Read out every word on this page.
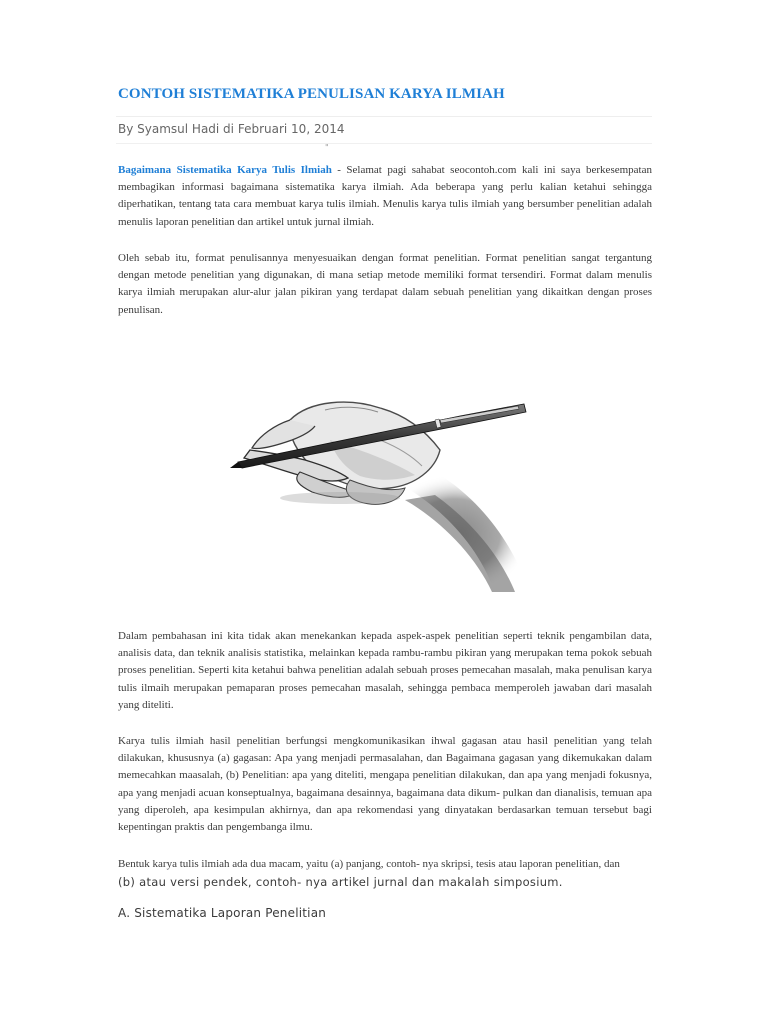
CONTOH SISTEMATIKA PENULISAN KARYA ILMIAH
By Syamsul Hadi di Februari 10, 2014
"

Bagaimana Sistematika Karya Tulis Ilmiah - Selamat pagi sahabat seocontoh.com kali ini saya berkesempatan membagikan informasi bagaimana sistematika karya ilmiah. Ada beberapa yang perlu kalian ketahui sehingga diperhatikan, tentang tata cara membuat karya tulis ilmiah. Menulis karya tulis ilmiah yang bersumber penelitian adalah menulis laporan penelitian dan artikel untuk jurnal ilmiah.

Oleh sebab itu, format penulisannya menyesuaikan dengan format penelitian. Format penelitian sangat tergantung dengan metode penelitian yang digunakan, di mana setiap metode memiliki format tersendiri. Format dalam menulis karya ilmiah merupakan alur-alur jalan pikiran yang terdapat dalam sebuah penelitian yang dikaitkan dengan proses penulisan.

Dalam pembahasan ini kita tidak akan menekankan kepada aspek-aspek penelitian seperti teknik pengambilan data, analisis data, dan teknik analisis statistika, melainkan kepada rambu-rambu pikiran yang merupakan tema pokok sebuah proses penelitian. Seperti kita ketahui bahwa penelitian adalah sebuah proses pemecahan masalah, maka penulisan karya tulis ilmaih merupakan pemaparan proses pemecahan masalah, sehingga pembaca memperoleh jawaban dari masalah yang diteliti.

Karya tulis ilmiah hasil penelitian berfungsi mengkomunikasikan ihwal gagasan atau hasil penelitian yang telah dilakukan, khususnya (a) gagasan: Apa yang menjadi permasalahan, dan Bagaimana gagasan yang dikemukakan dalam memecahkan maasalah, (b) Penelitian: apa yang diteliti, mengapa penelitian dilakukan, dan apa yang menjadi fokusnya, apa yang menjadi acuan konseptualnya, bagaimana desainnya, bagaimana data dikum- pulkan dan dianalisis, temuan apa yang diperoleh, apa kesimpulan akhirnya, dan apa rekomendasi yang dinyatakan berdasarkan temuan tersebut bagi kepentingan praktis dan pengembanga ilmu.

Bentuk karya tulis ilmiah ada dua macam, yaitu (a) panjang, contoh- nya skripsi, tesis atau laporan penelitian, dan
(b) atau versi pendek, contoh- nya artikel jurnal dan makalah simposium.

A. Sistematika Laporan Penelitian
